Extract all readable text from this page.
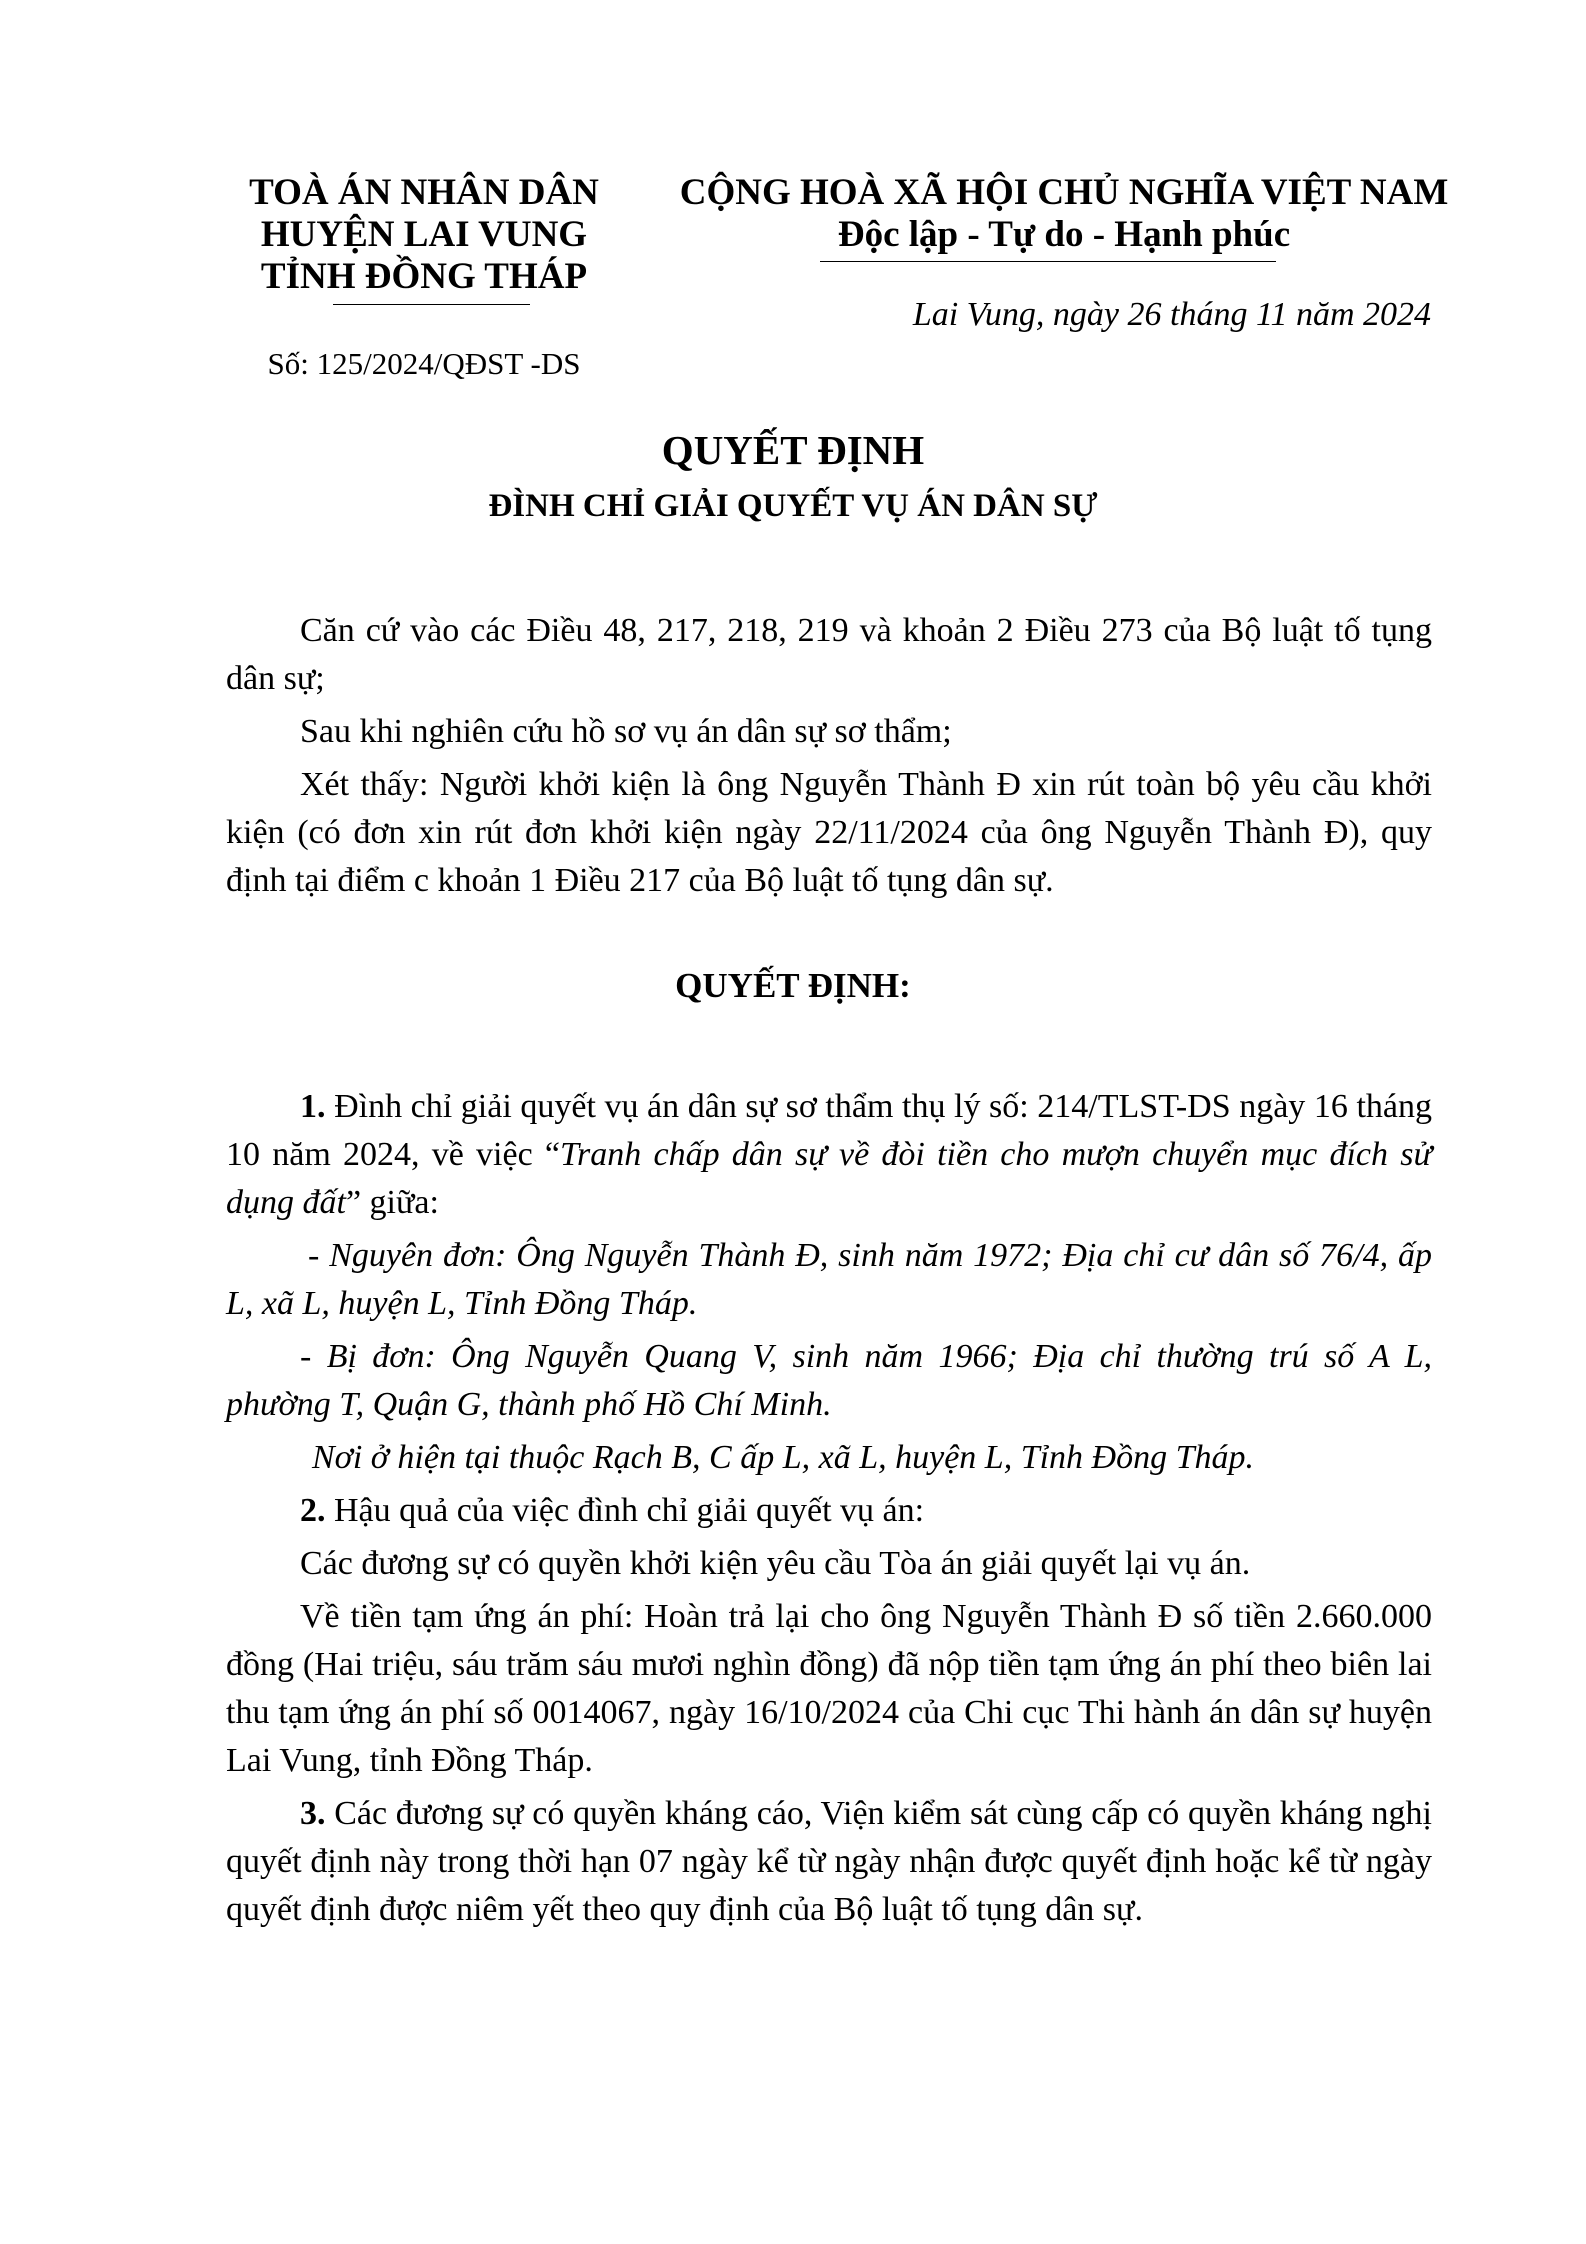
TOÀ ÁN NHÂN DÂN
HUYỆN LAI VUNG
TỈNH ĐỒNG THÁP
Số: 125/2024/QĐST -DS
CỘNG HOÀ XÃ HỘI CHỦ NGHĨA VIỆT NAM
Độc lập - Tự do - Hạnh phúc
Lai Vung, ngày 26 tháng 11 năm 2024
QUYẾT ĐỊNH
ĐÌNH CHỈ GIẢI QUYẾT VỤ ÁN DÂN SỰ

Căn cứ vào các Điều 48, 217, 218, 219 và khoản 2 Điều 273 của Bộ luật tố tụng dân sự;

Sau khi nghiên cứu hồ sơ vụ án dân sự sơ thẩm;

Xét thấy: Người khởi kiện là ông Nguyễn Thành Đ xin rút toàn bộ yêu cầu khởi kiện (có đơn xin rút đơn khởi kiện ngày 22/11/2024 của ông Nguyễn Thành Đ), quy định tại điểm c khoản 1 Điều 217 của Bộ luật tố tụng dân sự.

QUYẾT ĐỊNH:

1. Đình chỉ giải quyết vụ án dân sự sơ thẩm thụ lý số: 214/TLST-DS ngày 16 tháng 10 năm 2024, về việc “Tranh chấp dân sự về đòi tiền cho mượn chuyển mục đích sử dụng đất” giữa:

- Nguyên đơn: Ông Nguyễn Thành Đ, sinh năm 1972; Địa chỉ cư dân số 76/4, ấp L, xã L, huyện L, Tỉnh Đồng Tháp.

- Bị đơn: Ông Nguyễn Quang V, sinh năm 1966; Địa chỉ thường trú số A L, phường T, Quận G, thành phố Hồ Chí Minh.

Nơi ở hiện tại thuộc Rạch B, C ấp L, xã L, huyện L, Tỉnh Đồng Tháp.

2. Hậu quả của việc đình chỉ giải quyết vụ án:

Các đương sự có quyền khởi kiện yêu cầu Tòa án giải quyết lại vụ án.

Về tiền tạm ứng án phí: Hoàn trả lại cho ông Nguyễn Thành Đ số tiền 2.660.000 đồng (Hai triệu, sáu trăm sáu mươi nghìn đồng) đã nộp tiền tạm ứng án phí theo biên lai thu tạm ứng án phí số 0014067, ngày 16/10/2024 của Chi cục Thi hành án dân sự huyện Lai Vung, tỉnh Đồng Tháp.

3. Các đương sự có quyền kháng cáo, Viện kiểm sát cùng cấp có quyền kháng nghị quyết định này trong thời hạn 07 ngày kể từ ngày nhận được quyết định hoặc kể từ ngày quyết định được niêm yết theo quy định của Bộ luật tố tụng dân sự.
